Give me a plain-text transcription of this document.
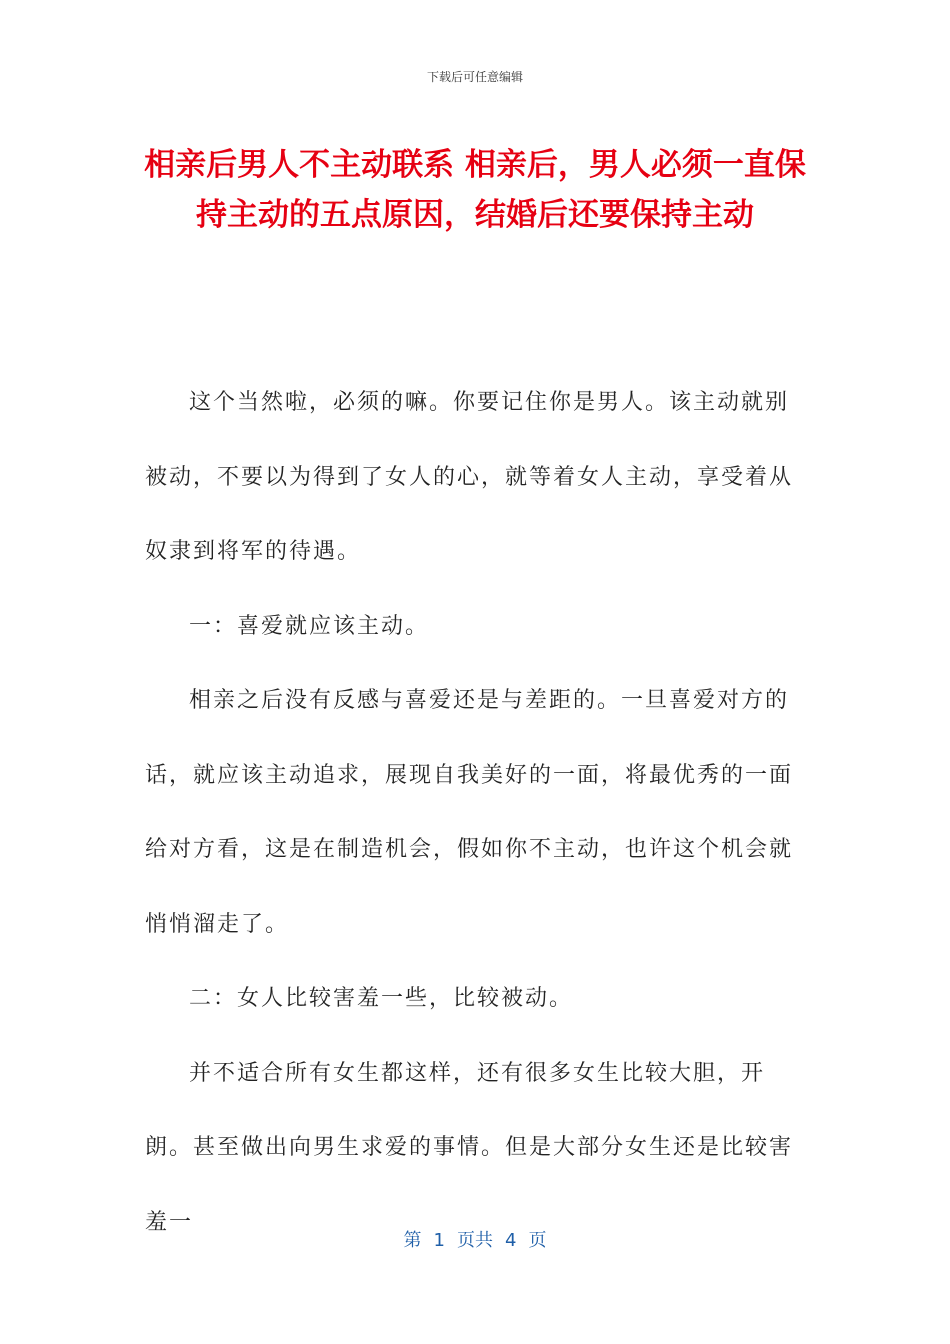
下载后可任意编辑
相亲后男人不主动联系 相亲后，男人必须一直保持主动的五点原因，结婚后还要保持主动

这个当然啦，必须的嘛。你要记住你是男人。该主动就别被动，不要以为得到了女人的心，就等着女人主动，享受着从奴隶到将军的待遇。

一：喜爱就应该主动。

相亲之后没有反感与喜爱还是与差距的。一旦喜爱对方的话，就应该主动追求，展现自我美好的一面，将最优秀的一面给对方看，这是在制造机会，假如你不主动，也许这个机会就悄悄溜走了。

二：女人比较害羞一些，比较被动。

并不适合所有女生都这样，还有很多女生比较大胆，开朗。甚至做出向男生求爱的事情。但是大部分女生还是比较害羞一

第 1 页共 4 页
